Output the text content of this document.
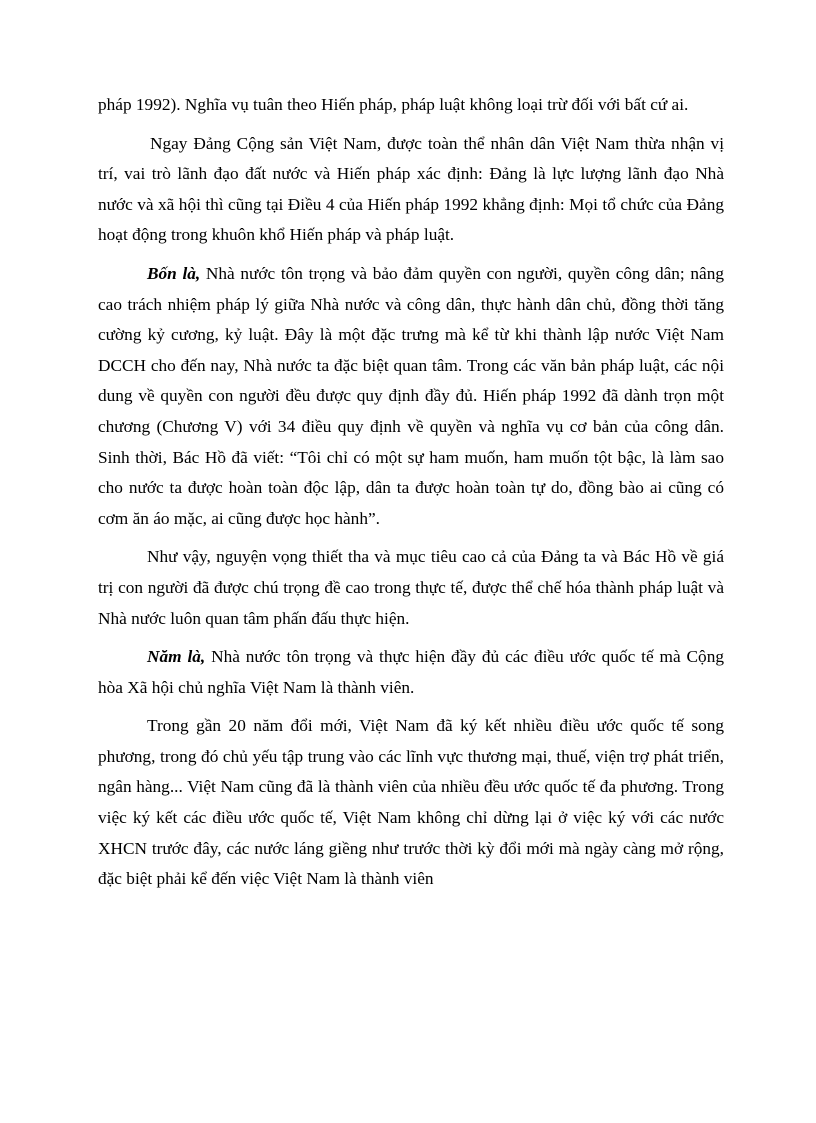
pháp 1992). Nghĩa vụ tuân theo Hiến pháp, pháp luật không loại trừ đối với bất cứ ai.

Ngay Đảng Cộng sản Việt Nam, được toàn thể nhân dân Việt Nam thừa nhận vị trí, vai trò lãnh đạo đất nước và Hiến pháp xác định: Đảng là lực lượng lãnh đạo Nhà nước và xã hội thì cũng tại Điều 4 của Hiến pháp 1992 khẳng định: Mọi tổ chức của Đảng hoạt động trong khuôn khổ Hiến pháp và pháp luật.

Bốn là, Nhà nước tôn trọng và bảo đảm quyền con người, quyền công dân; nâng cao trách nhiệm pháp lý giữa Nhà nước và công dân, thực hành dân chủ, đồng thời tăng cường kỷ cương, kỷ luật. Đây là một đặc trưng mà kể từ khi thành lập nước Việt Nam DCCH cho đến nay, Nhà nước ta đặc biệt quan tâm. Trong các văn bản pháp luật, các nội dung về quyền con người đều được quy định đầy đủ. Hiến pháp 1992 đã dành trọn một chương (Chương V) với 34 điều quy định về quyền và nghĩa vụ cơ bản của công dân. Sinh thời, Bác Hồ đã viết: “Tôi chỉ có một sự ham muốn, ham muốn tột bậc, là làm sao cho nước ta được hoàn toàn độc lập, dân ta được hoàn toàn tự do, đồng bào ai cũng có cơm ăn áo mặc, ai cũng được học hành”.

Như vậy, nguyện vọng thiết tha và mục tiêu cao cả của Đảng ta và Bác Hồ về giá trị con người đã được chú trọng đề cao trong thực tế, được thể chế hóa thành pháp luật và Nhà nước luôn quan tâm phấn đấu thực hiện.

Năm là, Nhà nước tôn trọng và thực hiện đầy đủ các điều ước quốc tế mà Cộng hòa Xã hội chủ nghĩa Việt Nam là thành viên.

Trong gần 20 năm đổi mới, Việt Nam đã ký kết nhiều điều ước quốc tế song phương, trong đó chủ yếu tập trung vào các lĩnh vực thương mại, thuế, viện trợ phát triển, ngân hàng... Việt Nam cũng đã là thành viên của nhiều đều ước quốc tế đa phương. Trong việc ký kết các điều ước quốc tế, Việt Nam không chỉ dừng lại ở việc ký với các nước XHCN trước đây, các nước láng giềng như trước thời kỳ đổi mới mà ngày càng mở rộng, đặc biệt phải kể đến việc Việt Nam là thành viên
